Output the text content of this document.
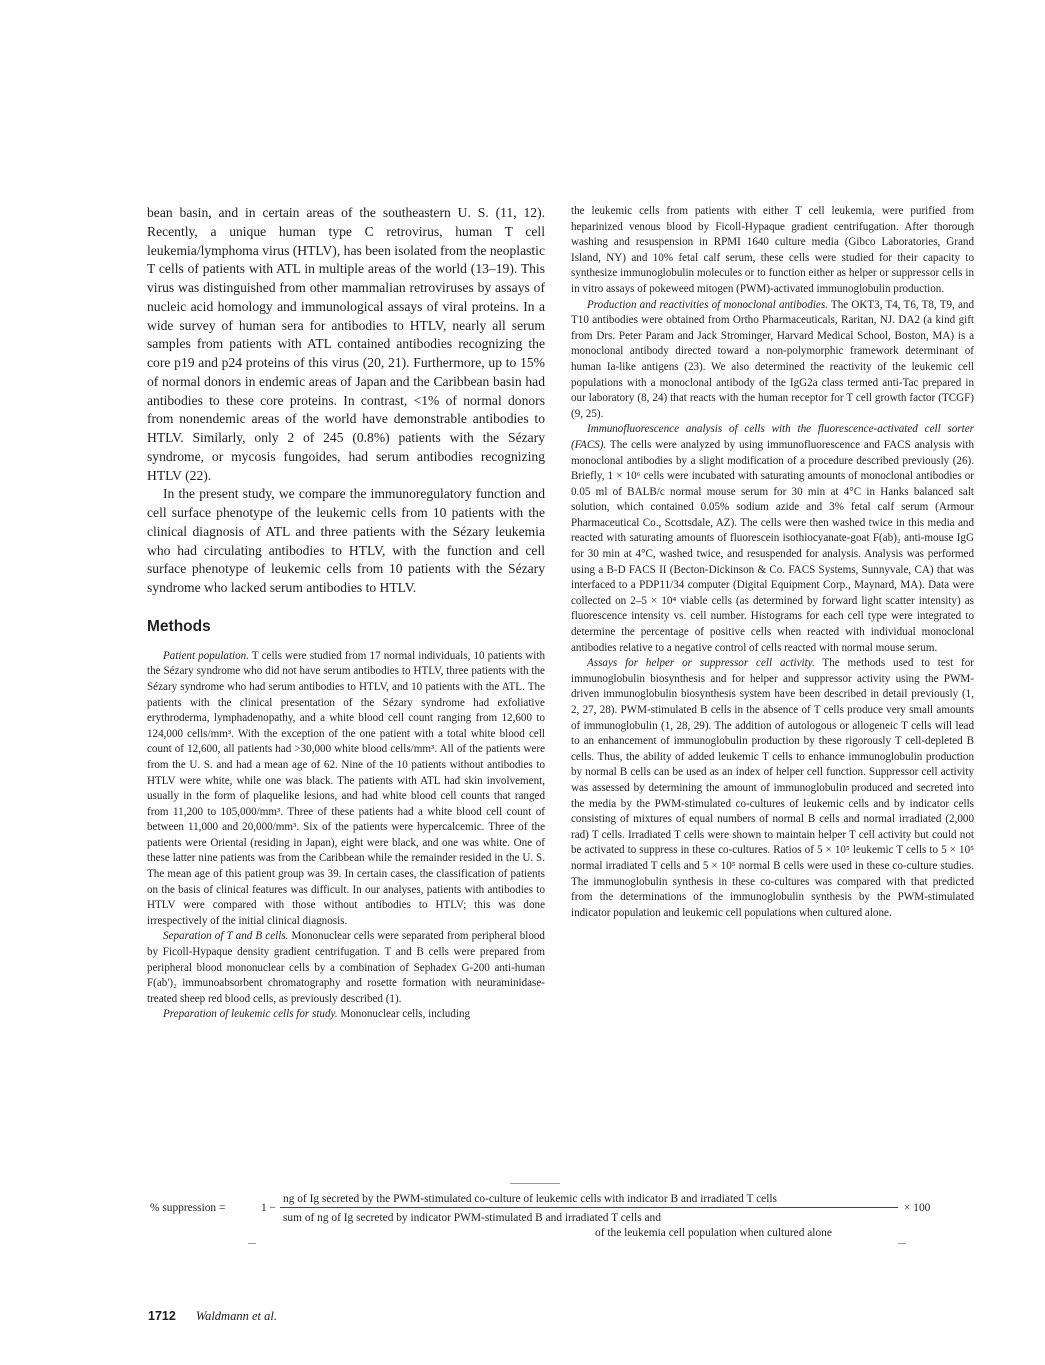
bean basin, and in certain areas of the southeastern U. S. (11, 12). Recently, a unique human type C retrovirus, human T cell leukemia/lymphoma virus (HTLV), has been isolated from the neoplastic T cells of patients with ATL in multiple areas of the world (13–19). This virus was distinguished from other mammalian retroviruses by assays of nucleic acid homology and immunological assays of viral proteins. In a wide survey of human sera for antibodies to HTLV, nearly all serum samples from patients with ATL contained antibodies recognizing the core p19 and p24 proteins of this virus (20, 21). Furthermore, up to 15% of normal donors in endemic areas of Japan and the Caribbean basin had antibodies to these core proteins. In contrast, <1% of normal donors from nonendemic areas of the world have demonstrable antibodies to HTLV. Similarly, only 2 of 245 (0.8%) patients with the Sézary syndrome, or mycosis fungoides, had serum antibodies recognizing HTLV (22).

In the present study, we compare the immunoregulatory function and cell surface phenotype of the leukemic cells from 10 patients with the clinical diagnosis of ATL and three patients with the Sézary leukemia who had circulating antibodies to HTLV, with the function and cell surface phenotype of leukemic cells from 10 patients with the Sézary syndrome who lacked serum antibodies to HTLV.

Methods

Patient population. T cells were studied from 17 normal individuals, 10 patients with the Sézary syndrome who did not have serum antibodies to HTLV, three patients with the Sézary syndrome who had serum antibodies to HTLV, and 10 patients with the ATL. The patients with the clinical presentation of the Sézary syndrome had exfoliative erythroderma, lymphadenopathy, and a white blood cell count ranging from 12,600 to 124,000 cells/mm³. With the exception of the one patient with a total white blood cell count of 12,600, all patients had >30,000 white blood cells/mm³. All of the patients were from the U. S. and had a mean age of 62. Nine of the 10 patients without antibodies to HTLV were white, while one was black. The patients with ATL had skin involvement, usually in the form of plaquelike lesions, and had white blood cell counts that ranged from 11,200 to 105,000/mm³. Three of these patients had a white blood cell count of between 11,000 and 20,000/mm³. Six of the patients were hypercalcemic. Three of the patients were Oriental (residing in Japan), eight were black, and one was white. One of these latter nine patients was from the Caribbean while the remainder resided in the U. S. The mean age of this patient group was 39. In certain cases, the classification of patients on the basis of clinical features was difficult. In our analyses, patients with antibodies to HTLV were compared with those without antibodies to HTLV; this was done irrespectively of the initial clinical diagnosis.

Separation of T and B cells. Mononuclear cells were separated from peripheral blood by Ficoll-Hypaque density gradient centrifugation. T and B cells were prepared from peripheral blood mononuclear cells by a combination of Sephadex G-200 anti-human F(ab')₂ immunoabsorbent chromatography and rosette formation with neuraminidase-treated sheep red blood cells, as previously described (1).

Preparation of leukemic cells for study. Mononuclear cells, including

the leukemic cells from patients with either T cell leukemia, were purified from heparinized venous blood by Ficoll-Hypaque gradient centrifugation. After thorough washing and resuspension in RPMI 1640 culture media (Gibco Laboratories, Grand Island, NY) and 10% fetal calf serum, these cells were studied for their capacity to synthesize immunoglobulin molecules or to function either as helper or suppressor cells in in vitro assays of pokeweed mitogen (PWM)-activated immunoglobulin production.

Production and reactivities of monoclonal antibodies. The OKT3, T4, T6, T8, T9, and T10 antibodies were obtained from Ortho Pharmaceuticals, Raritan, NJ. DA2 (a kind gift from Drs. Peter Param and Jack Strominger, Harvard Medical School, Boston, MA) is a monoclonal antibody directed toward a non-polymorphic framework determinant of human Ia-like antigens (23). We also determined the reactivity of the leukemic cell populations with a monoclonal antibody of the IgG2a class termed anti-Tac prepared in our laboratory (8, 24) that reacts with the human receptor for T cell growth factor (TCGF) (9, 25).

Immunofluorescence analysis of cells with the fluorescence-activated cell sorter (FACS). The cells were analyzed by using immunofluorescence and FACS analysis with monoclonal antibodies by a slight modification of a procedure described previously (26). Briefly, 1 × 10⁶ cells were incubated with saturating amounts of monoclonal antibodies or 0.05 ml of BALB/c normal mouse serum for 30 min at 4°C in Hanks balanced salt solution, which contained 0.05% sodium azide and 3% fetal calf serum (Armour Pharmaceutical Co., Scottsdale, AZ). The cells were then washed twice in this media and reacted with saturating amounts of fluorescein isothiocyanate-goat F(ab)₂ anti-mouse IgG for 30 min at 4°C, washed twice, and resuspended for analysis. Analysis was performed using a B-D FACS II (Becton-Dickinson & Co. FACS Systems, Sunnyvale, CA) that was interfaced to a PDP11/34 computer (Digital Equipment Corp., Maynard, MA). Data were collected on 2–5 × 10⁴ viable cells (as determined by forward light scatter intensity) as fluorescence intensity vs. cell number. Histograms for each cell type were integrated to determine the percentage of positive cells when reacted with individual monoclonal antibodies relative to a negative control of cells reacted with normal mouse serum.

Assays for helper or suppressor cell activity. The methods used to test for immunoglobulin biosynthesis and for helper and suppressor activity using the PWM-driven immunoglobulin biosynthesis system have been described in detail previously (1, 2, 27, 28). PWM-stimulated B cells in the absence of T cells produce very small amounts of immunoglobulin (1, 28, 29). The addition of autologous or allogeneic T cells will lead to an enhancement of immunoglobulin production by these rigorously T cell-depleted B cells. Thus, the ability of added leukemic T cells to enhance immunoglobulin production by normal B cells can be used as an index of helper cell function. Suppressor cell activity was assessed by determining the amount of immunoglobulin produced and secreted into the media by the PWM-stimulated co-cultures of leukemic cells and by indicator cells consisting of mixtures of equal numbers of normal B cells and normal irradiated (2,000 rad) T cells. Irradiated T cells were shown to maintain helper T cell activity but could not be activated to suppress in these co-cultures. Ratios of 5 × 10⁵ leukemic T cells to 5 × 10⁵ normal irradiated T cells and 5 × 10⁵ normal B cells were used in these co-culture studies. The immunoglobulin synthesis in these co-cultures was compared with that predicted from the determinations of the immunoglobulin synthesis by the PWM-stimulated indicator population and leukemic cell populations when cultured alone.

% suppression =	1 −
ng of Ig secreted by the PWM-stimulated co-culture of leukemic cells with indicator B and irradiated T cells
sum of ng of Ig secreted by indicator PWM-stimulated B and irradiated T cells and
of the leukemia cell population when cultured alone
× 100
1712 Waldmann et al.
